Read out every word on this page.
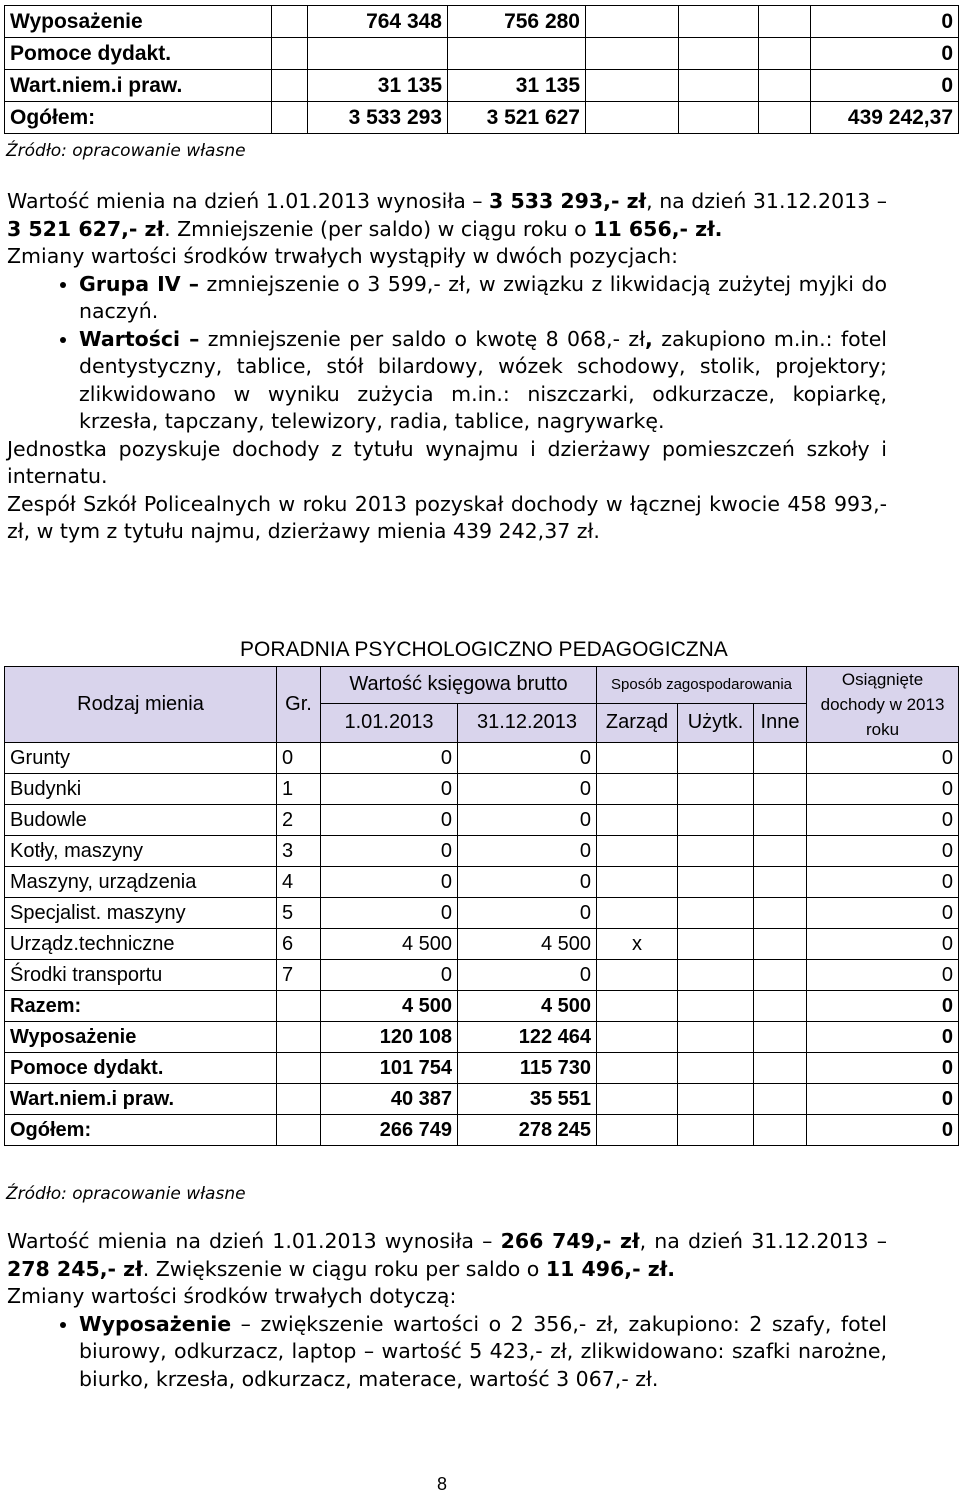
Wyposażenie		764 348	756 280				0
Pomoce dydakt.							0
Wart.niem.i praw.		31 135	31 135				0
Ogółem:		3 533 293	3 521 627				439 242,37
Źródło: opracowanie własne

Wartość mienia na dzień 1.01.2013 wynosiła – 3 533 293,- zł, na dzień 31.12.2013 – 3 521 627,- zł. Zmniejszenie (per saldo) w ciągu roku o 11 656,- zł.

Zmiany wartości środków trwałych wystąpiły w dwóch pozycjach:

• Grupa IV – zmniejszenie o 3 599,- zł, w związku z likwidacją zużytej myjki do naczyń.
• Wartości – zmniejszenie per saldo o kwotę 8 068,- zł, zakupiono m.in.: fotel dentystyczny, tablice, stół bilardowy, wózek schodowy, stolik, projektory; zlikwidowano w wyniku zużycia m.in.: niszczarki, odkurzacze, kopiarkę, krzesła, tapczany, telewizory, radia, tablice, nagrywarkę.

Jednostka pozyskuje dochody z tytułu wynajmu i dzierżawy pomieszczeń szkoły i internatu.

Zespół Szkół Policealnych w roku 2013 pozyskał dochody w łącznej kwocie 458 993,- zł, w tym z tytułu najmu, dzierżawy mienia 439 242,37 zł.

PORADNIA PSYCHOLOGICZNO PEDAGOGICZNA
Rodzaj mienia	Gr.	Wartość księgowa brutto		Sposób zagospodarowania			Osiągnięte dochody w 2013 roku
		1.01.2013	31.12.2013	Zarząd	Użytk.	Inne	
Grunty	0	0	0				0
Budynki	1	0	0				0
Budowle	2	0	0				0
Kotły, maszyny	3	0	0				0
Maszyny, urządzenia	4	0	0				0
Specjalist. maszyny	5	0	0				0
Urządz.techniczne	6	4 500	4 500	x			0
Środki transportu	7	0	0				0
Razem:		4 500	4 500				0
Wyposażenie		120 108	122 464				0
Pomoce dydakt.		101 754	115 730				0
Wart.niem.i praw.		40 387	35 551				0
Ogółem:		266 749	278 245				0
Źródło: opracowanie własne

Wartość mienia na dzień 1.01.2013 wynosiła – 266 749,- zł, na dzień 31.12.2013 – 278 245,- zł. Zwiększenie w ciągu roku per saldo o 11 496,- zł.

Zmiany wartości środków trwałych dotyczą:

• Wyposażenie – zwiększenie wartości o 2 356,- zł, zakupiono: 2 szafy, fotel biurowy, odkurzacz, laptop – wartość 5 423,- zł, zlikwidowano: szafki narożne, biurko, krzesła, odkurzacz, materace, wartość 3 067,- zł.
8
